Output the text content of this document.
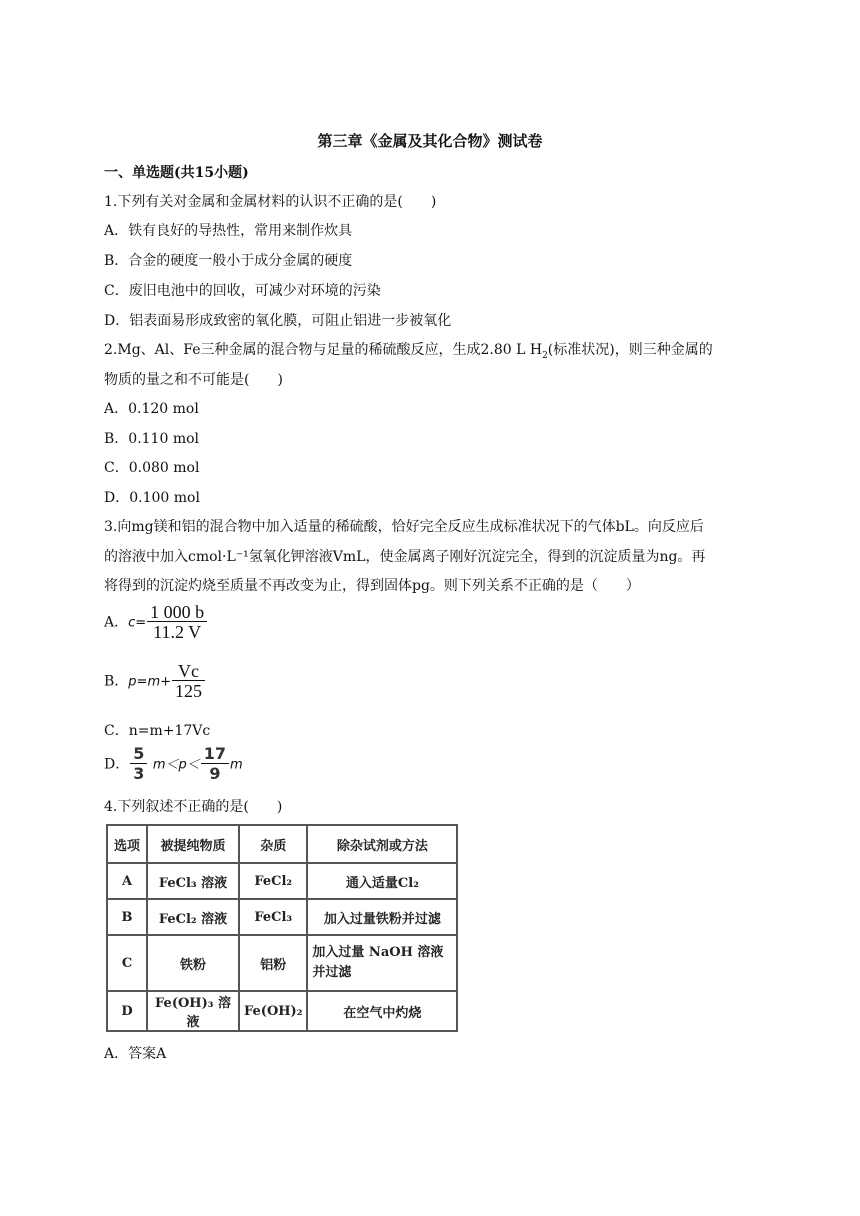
第三章《金属及其化合物》测试卷
一、单选题(共15小题)
1.下列有关对金属和金属材料的认识不正确的是(　　)
A．铁有良好的导热性，常用来制作炊具
B．合金的硬度一般小于成分金属的硬度
C．废旧电池中的回收，可减少对环境的污染
D．铝表面易形成致密的氧化膜，可阻止铝进一步被氧化
2.Mg、Al、Fe三种金属的混合物与足量的稀硫酸反应，生成2.80 L $H_2$(标准状况)，则三种金属的
物质的量之和不可能是(　　)
A．0.120 mol
B．0.110 mol
C．0.080 mol
D．0.100 mol
3.向mg镁和铝的混合物中加入适量的稀硫酸，恰好完全反应生成标准状况下的气体bL。向反应后
的溶液中加入cmol·L⁻¹氢氧化钾溶液VmL，使金属离子刚好沉淀完全，得到的沉淀质量为ng。再
将得到的沉淀灼烧至质量不再改变为止，得到固体pg。则下列关系不正确的是（　　）
A．$c= \frac{1 000 b}{11.2 V}$
B．$p=m+ \frac{Vc}{125}$
C．n=m+17Vc
D． $\frac{5}{3} m<p< \frac{17}{9}$ m
4.下列叙述不正确的是(　　)
选项	被提纯物质	杂质	除杂试剂或方法
A	FeCl₃ 溶液	FeCl₂	通入适量Cl₂
B	FeCl₂ 溶液	FeCl₃	加入过量铁粉并过滤
C	铁粉	铝粉	加入过量 NaOH 溶液并过滤
D	Fe(OH)₃ 溶液	Fe(OH)₂	在空气中灼烧
A．答案A
